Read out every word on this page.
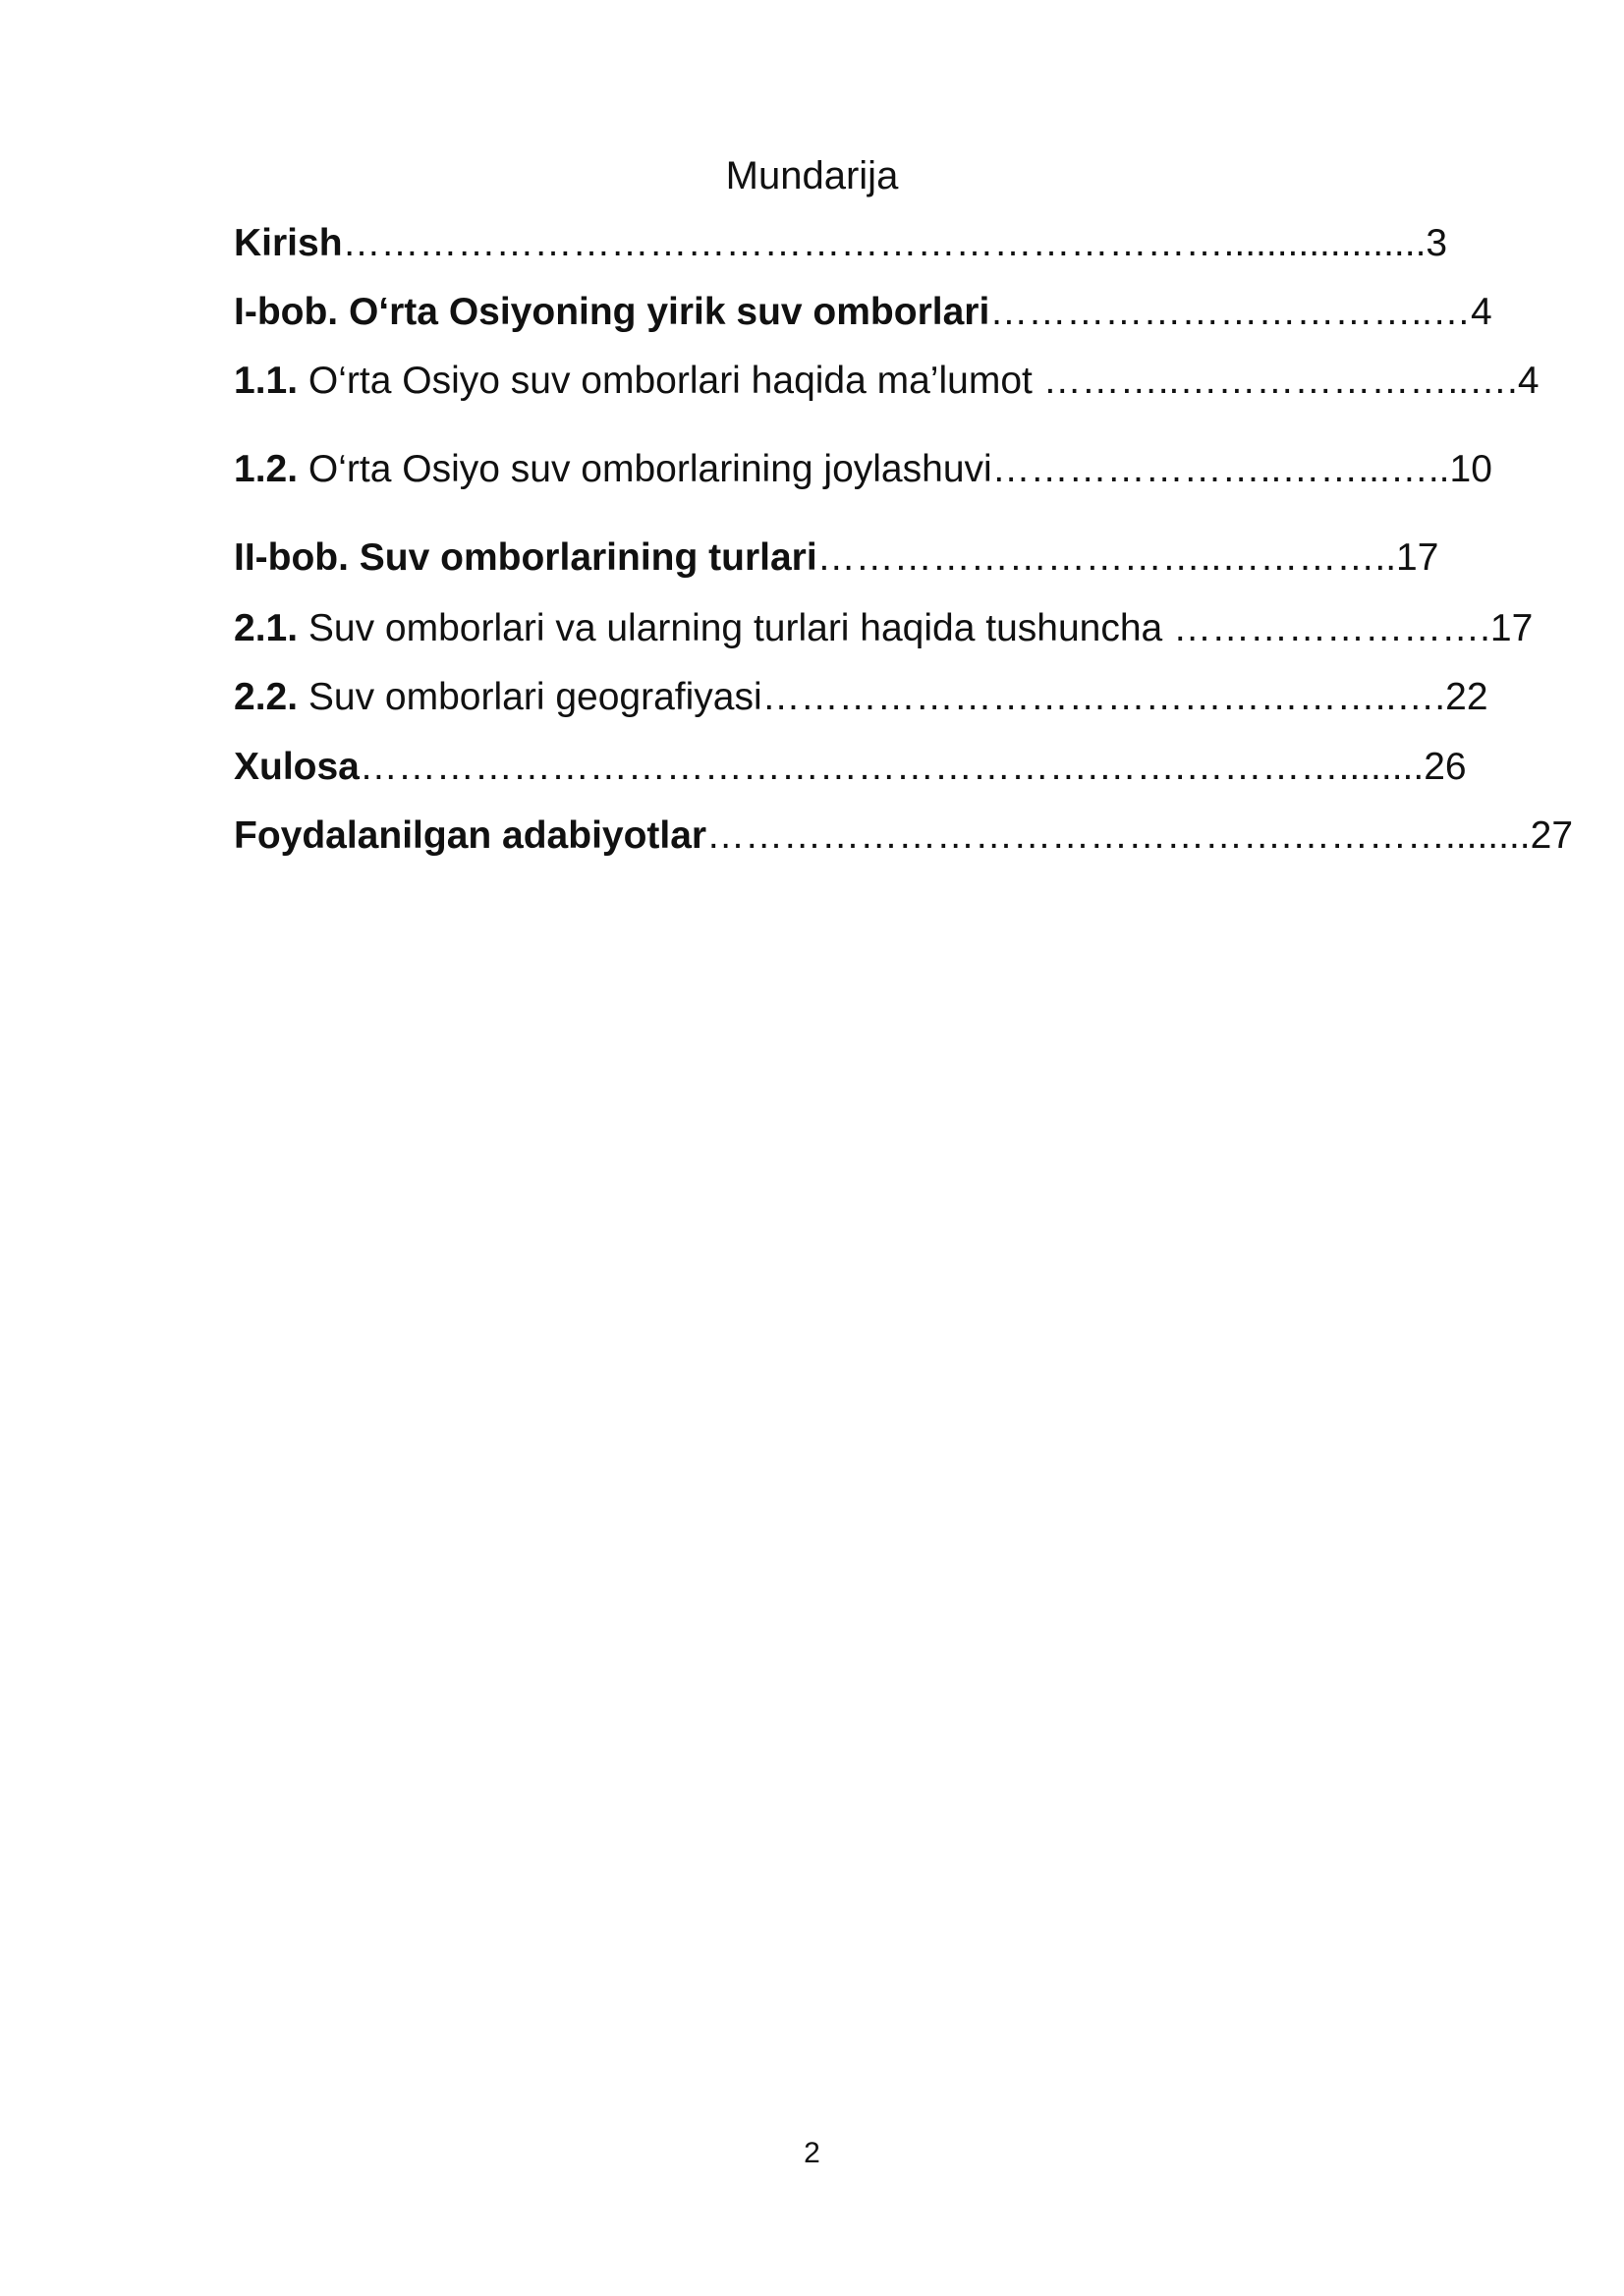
Mundarija
Kirish……………………………………………………………...................3
I-bob. O‘rta Osiyoning yirik suv omborlari……………………………..…4
1.1. O‘rta Osiyo suv omborlari haqida ma’lumot ………..…………………..….4
1.2. O‘rta Osiyo suv omborlarining joylashuvi…………………..……...…..10
II-bob. Suv omborlarining turlari…………………………..…………..17
2.1. Suv omborlari va ularning turlari haqida tushuncha …………………….17
2.2. Suv omborlari geografiyasi…………………………………………..….22
Xulosa………………………………………………….…….…………........26
Foydalanilgan adabiyotlar……………………………………….…………........27
2
